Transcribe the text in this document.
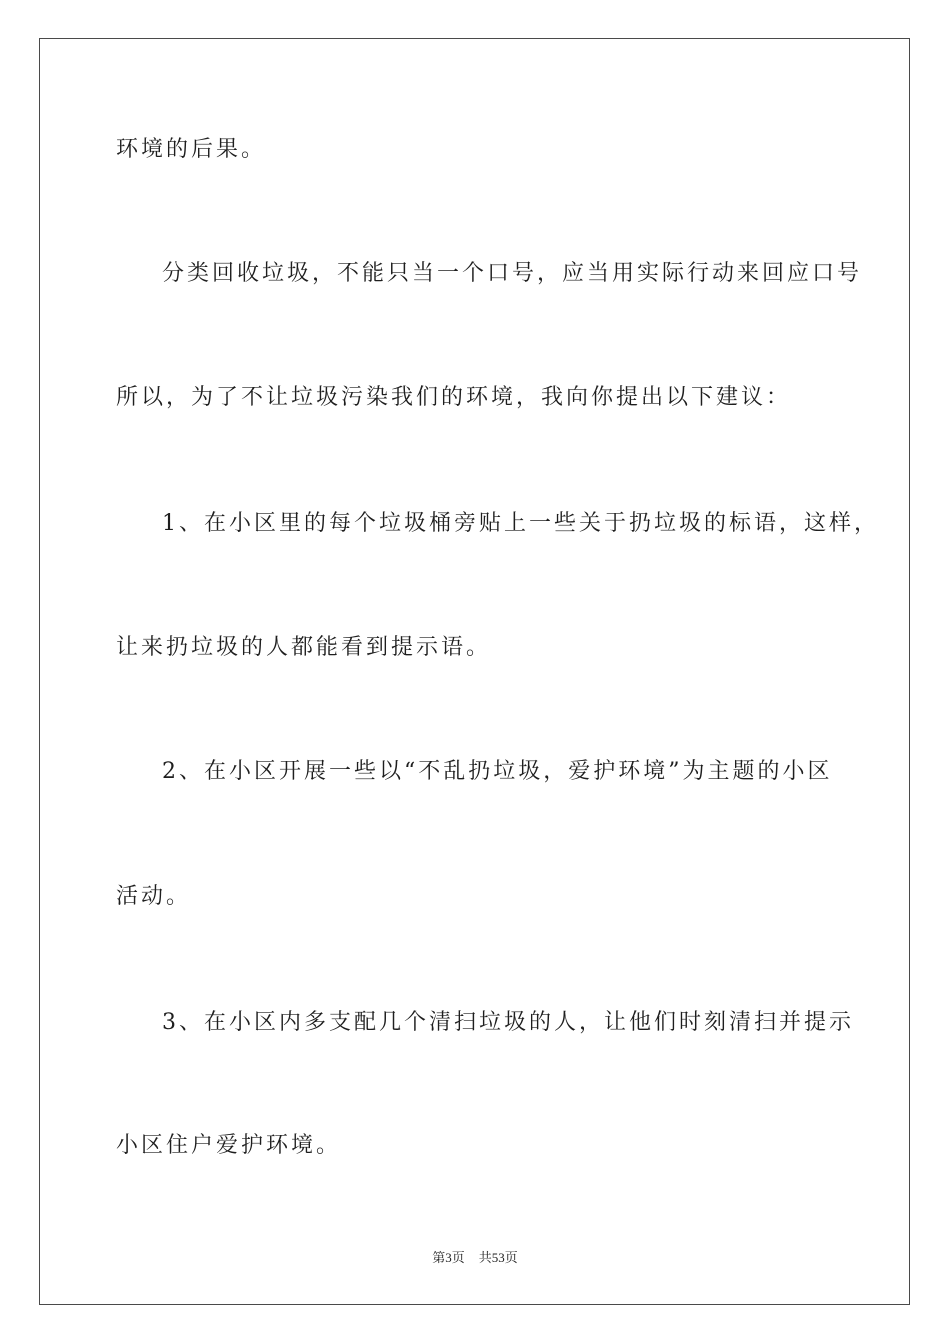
环境的后果。

分类回收垃圾，不能只当一个口号，应当用实际行动来回应口号

所以，为了不让垃圾污染我们的环境，我向你提出以下建议：

1、在小区里的每个垃圾桶旁贴上一些关于扔垃圾的标语，这样，

让来扔垃圾的人都能看到提示语。

2、在小区开展一些以“不乱扔垃圾，爱护环境”为主题的小区

活动。

3、在小区内多支配几个清扫垃圾的人，让他们时刻清扫并提示

小区住户爱护环境。

第3页 共53页
